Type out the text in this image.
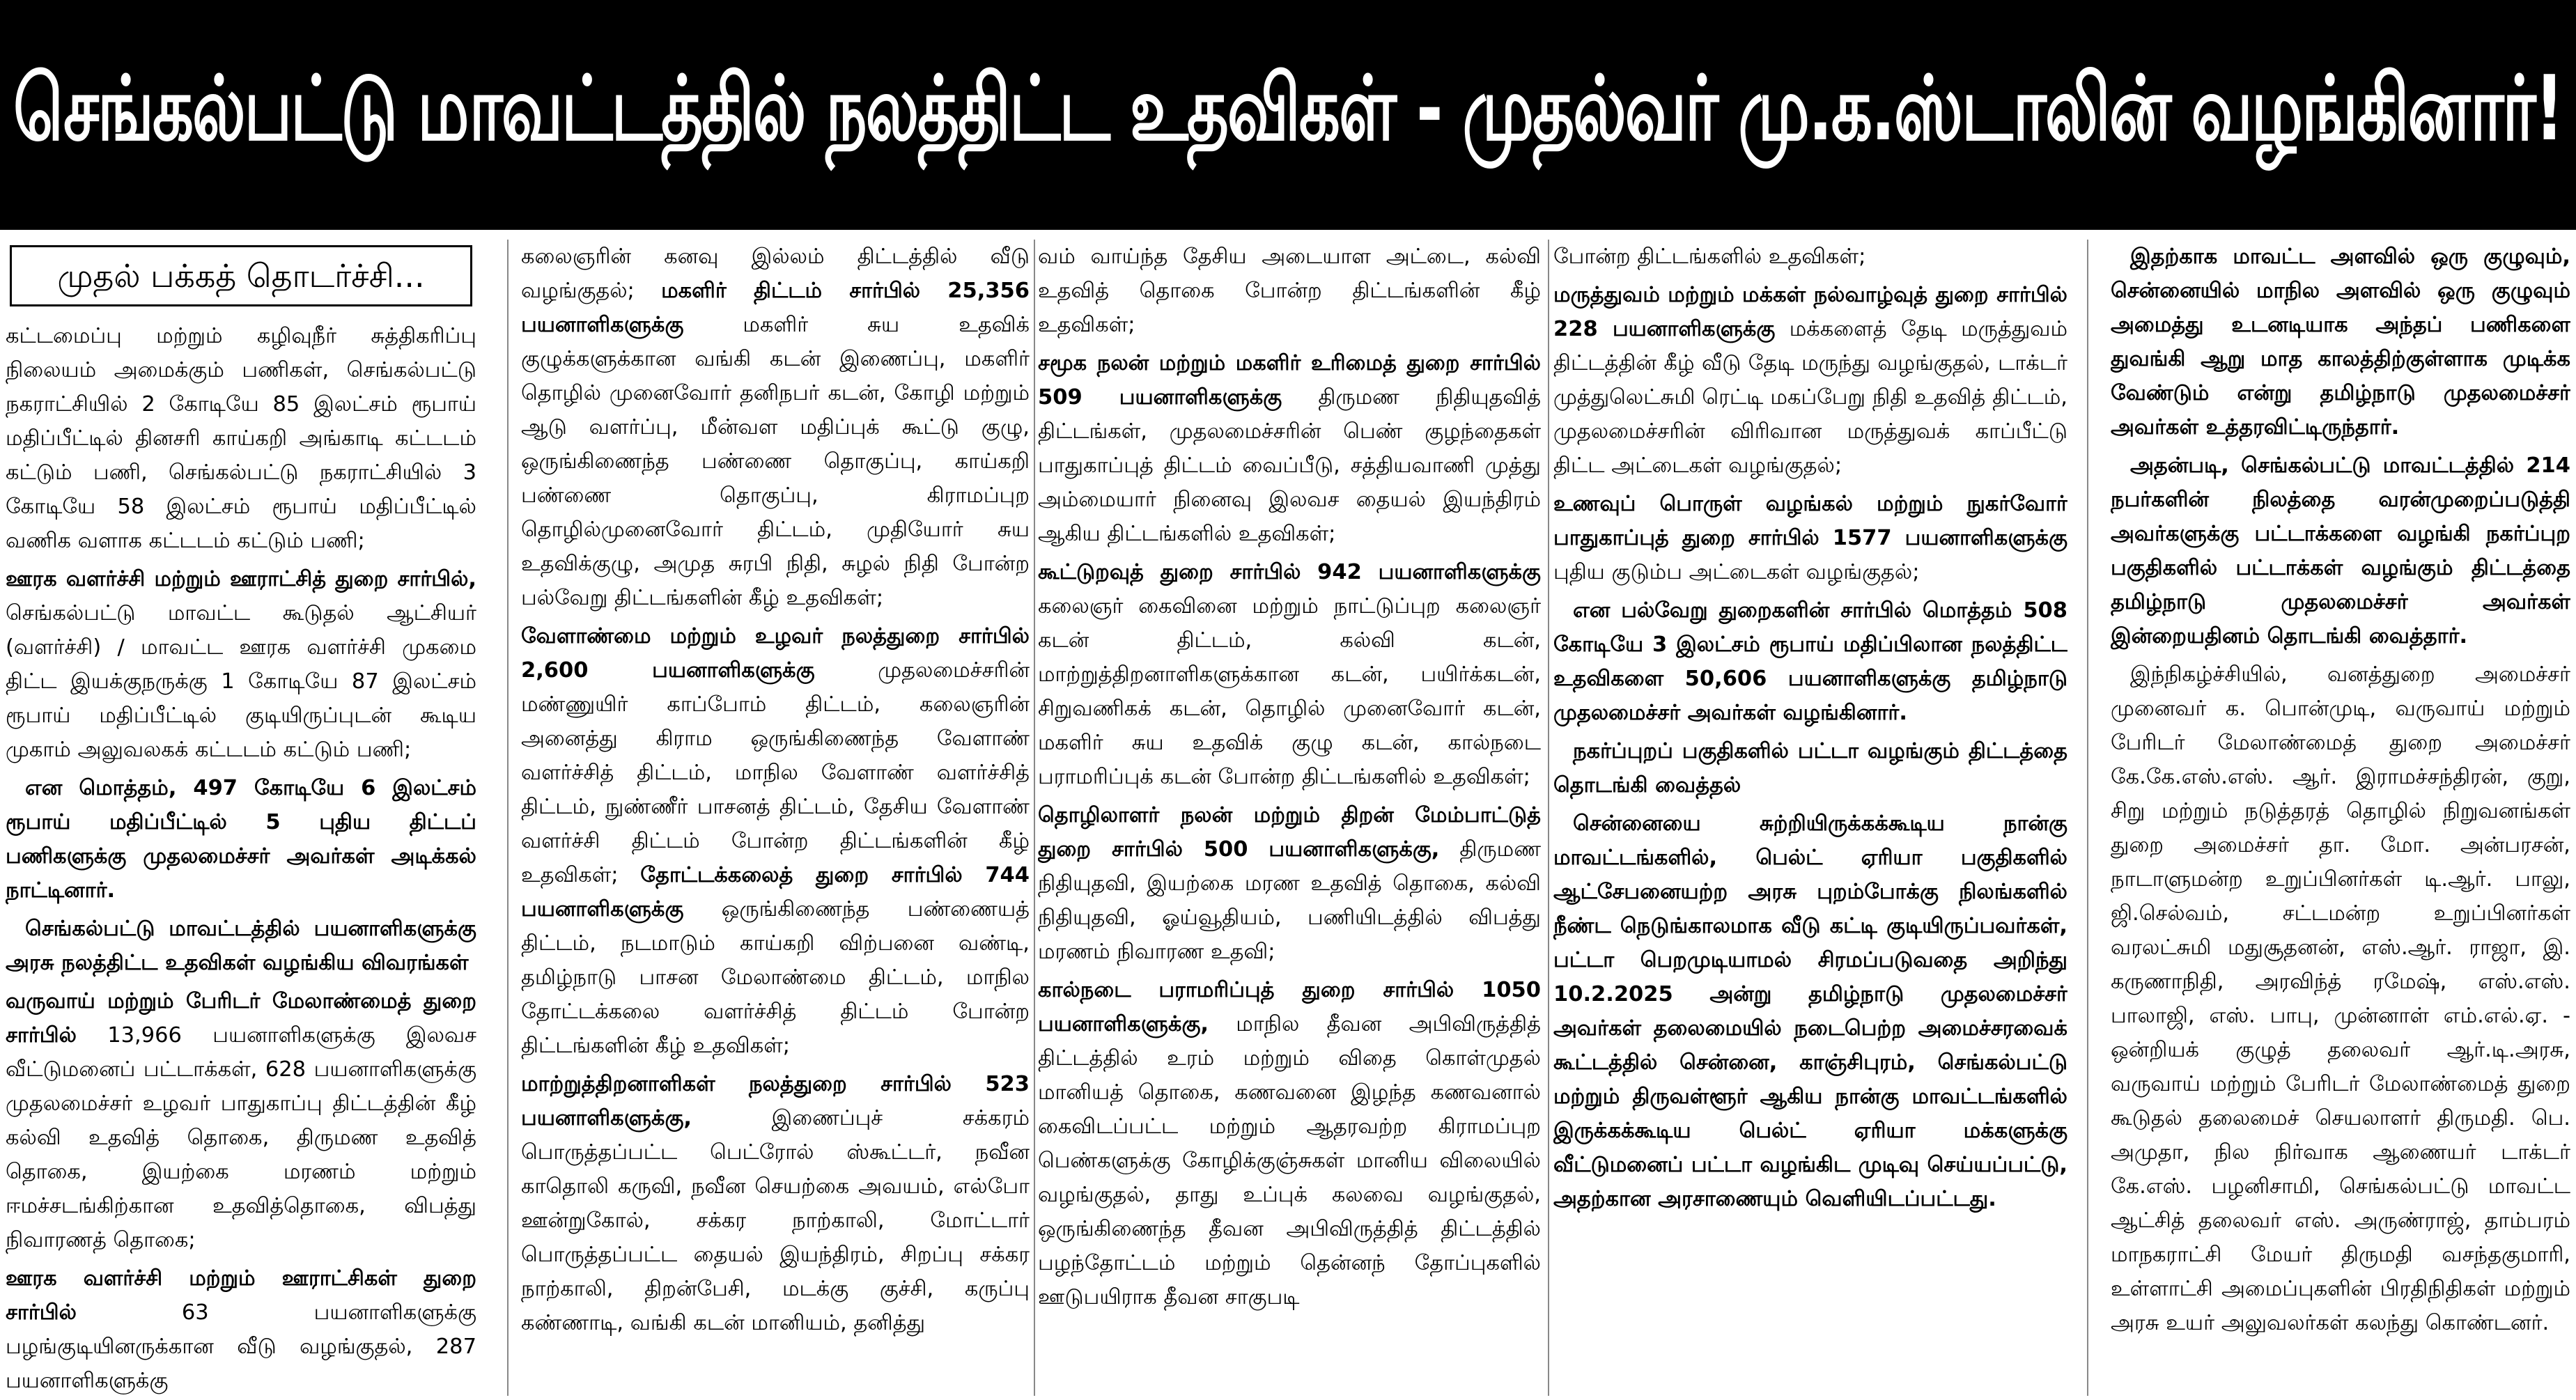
செங்கல்பட்டு மாவட்டத்தில் நலத்திட்ட உதவிகள் - முதல்வர் மு.க.ஸ்டாலின் வழங்கினார்!
முதல் பக்கத் தொடர்ச்சி...

கட்டமைப்பு மற்றும் கழிவுநீர் சுத்திகரிப்பு நிலையம் அமைக்கும் பணிகள், செங்கல்பட்டு நகராட்சியில் 2 கோடியே 85 இலட்சம் ரூபாய் மதிப்பீட்டில் தினசரி காய்கறி அங்காடி கட்டடம் கட்டும் பணி, செங்கல்பட்டு நகராட்சியில் 3 கோடியே 58 இலட்சம் ரூபாய் மதிப்பீட்டில் வணிக வளாக கட்டடம் கட்டும் பணி;

ஊரக வளர்ச்சி மற்றும் ஊராட்சித் துறை சார்பில், செங்கல்பட்டு மாவட்ட கூடுதல் ஆட்சியர் (வளர்ச்சி) / மாவட்ட ஊரக வளர்ச்சி முகமை திட்ட இயக்குநருக்கு 1 கோடியே 87 இலட்சம் ரூபாய் மதிப்பீட்டில் குடியிருப்புடன் கூடிய முகாம் அலுவலகக் கட்டடம் கட்டும் பணி;

என மொத்தம், 497 கோடியே 6 இலட்சம் ரூபாய் மதிப்பீட்டில் 5 புதிய திட்டப் பணிகளுக்கு முதலமைச்சர் அவர்கள் அடிக்கல் நாட்டினார்.

செங்கல்பட்டு மாவட்டத்தில் பயனாளிகளுக்கு அரசு நலத்திட்ட உதவிகள் வழங்கிய விவரங்கள்

வருவாய் மற்றும் பேரிடர் மேலாண்மைத் துறை சார்பில் 13,966 பயனாளிகளுக்கு இலவச வீட்டுமனைப் பட்டாக்கள், 628 பயனாளிகளுக்கு முதலமைச்சர் உழவர் பாதுகாப்பு திட்டத்தின் கீழ் கல்வி உதவித் தொகை, திருமண உதவித் தொகை, இயற்கை மரணம் மற்றும் ஈமச்சடங்கிற்கான உதவித்தொகை, விபத்து நிவாரணத் தொகை;

ஊரக வளர்ச்சி மற்றும் ஊராட்சிகள் துறை சார்பில்	63 பயனாளிகளுக்கு பழங்குடியினருக்கான வீடு வழங்குதல், 287 பயனாளிகளுக்கு

கலைஞரின் கனவு இல்லம் திட்டத்தில் வீடு வழங்குதல்; மகளிர் திட்டம் சார்பில் 25,356 பயனாளிகளுக்கு	மகளிர் சுய உதவிக் குழுக்களுக்கான வங்கி கடன் இணைப்பு, மகளிர் தொழில் முனைவோர் தனிநபர் கடன், கோழி மற்றும் ஆடு வளர்ப்பு, மீன்வள மதிப்புக் கூட்டு குழு, ஒருங்கிணைந்த பண்ணை தொகுப்பு, காய்கறி பண்ணை தொகுப்பு, கிராமப்புற தொழில்முனைவோர் திட்டம், முதியோர் சுய உதவிக்குழு, அமுத சுரபி நிதி, சுழல் நிதி போன்ற பல்வேறு திட்டங்களின் கீழ் உதவிகள்;

வேளாண்மை மற்றும் உழவர் நலத்துறை சார்பில் 2,600 பயனாளிகளுக்கு	முதலமைச்சரின் மண்ணுயிர் காப்போம் திட்டம், கலைஞரின் அனைத்து கிராம ஒருங்கிணைந்த வேளாண் வளர்ச்சித் திட்டம், மாநில வேளாண் வளர்ச்சித் திட்டம், நுண்ணீர் பாசனத் திட்டம், தேசிய வேளாண் வளர்ச்சி திட்டம் போன்ற திட்டங்களின் கீழ் உதவிகள்; தோட்டக்கலைத் துறை சார்பில் 744 பயனாளிகளுக்கு ஒருங்கிணைந்த பண்ணையத் திட்டம், நடமாடும் காய்கறி விற்பனை வண்டி, தமிழ்நாடு பாசன மேலாண்மை திட்டம், மாநில தோட்டக்கலை வளர்ச்சித் திட்டம் போன்ற திட்டங்களின் கீழ் உதவிகள்;

மாற்றுத்திறனாளிகள் நலத்துறை சார்பில் 523 பயனாளிகளுக்கு,	இணைப்புச் சக்கரம் பொருத்தப்பட்ட பெட்ரோல் ஸ்கூட்டர், நவீன காதொலி கருவி, நவீன செயற்கை அவயம், எல்போ ஊன்றுகோல், சக்கர நாற்காலி, மோட்டார் பொருத்தப்பட்ட தையல் இயந்திரம், சிறப்பு சக்கர நாற்காலி, திறன்பேசி, மடக்கு குச்சி, கருப்பு கண்ணாடி, வங்கி கடன் மானியம், தனித்து

வம் வாய்ந்த தேசிய அடையாள அட்டை, கல்வி உதவித் தொகை போன்ற திட்டங்களின் கீழ் உதவிகள்;

சமூக நலன் மற்றும் மகளிர் உரிமைத் துறை சார்பில் 509 பயனாளிகளுக்கு திருமண நிதியுதவித் திட்டங்கள், முதலமைச்சரின் பெண் குழந்தைகள் பாதுகாப்புத் திட்டம் வைப்பீடு, சத்தியவாணி முத்து அம்மையார் நினைவு இலவச தையல் இயந்திரம் ஆகிய திட்டங்களில் உதவிகள்;

கூட்டுறவுத் துறை சார்பில் 942 பயனாளிகளுக்கு கலைஞர் கைவினை மற்றும் நாட்டுப்புற கலைஞர் கடன் திட்டம், கல்வி கடன், மாற்றுத்திறனாளிகளுக்கான கடன், பயிர்க்கடன், சிறுவணிகக் கடன், தொழில் முனைவோர் கடன், மகளிர் சுய உதவிக் குழு கடன், கால்நடை பராமரிப்புக் கடன் போன்ற திட்டங்களில் உதவிகள்;

தொழிலாளர் நலன் மற்றும் திறன் மேம்பாட்டுத் துறை சார்பில் 500 பயனாளிகளுக்கு, திருமண நிதியுதவி, இயற்கை மரண உதவித் தொகை, கல்வி நிதியுதவி, ஓய்வூதியம், பணியிடத்தில் விபத்து மரணம் நிவாரண உதவி;

கால்நடை பராமரிப்புத் துறை சார்பில் 1050 பயனாளிகளுக்கு, மாநில தீவன அபிவிருத்தித் திட்டத்தில் உரம் மற்றும் விதை கொள்முதல் மானியத் தொகை, கணவனை இழந்த கணவனால் கைவிடப்பட்ட மற்றும் ஆதரவற்ற கிராமப்புற பெண்களுக்கு கோழிக்குஞ்சுகள் மானிய விலையில் வழங்குதல், தாது உப்புக் கலவை வழங்குதல், ஒருங்கிணைந்த தீவன அபிவிருத்தித் திட்டத்தில் பழந்தோட்டம் மற்றும் தென்னந் தோப்புகளில் ஊடுபயிராக தீவன சாகுபடி

போன்ற திட்டங்களில் உதவிகள்;

மருத்துவம் மற்றும் மக்கள் நல்வாழ்வுத் துறை சார்பில் 228 பயனாளிகளுக்கு மக்களைத் தேடி மருத்துவம் திட்டத்தின் கீழ் வீடு தேடி மருந்து வழங்குதல், டாக்டர் முத்துலெட்சுமி ரெட்டி மகப்பேறு நிதி உதவித் திட்டம், முதலமைச்சரின் விரிவான மருத்துவக் காப்பீட்டு திட்ட அட்டைகள் வழங்குதல்;

உணவுப் பொருள் வழங்கல் மற்றும் நுகர்வோர் பாதுகாப்புத் துறை சார்பில் 1577 பயனாளிகளுக்கு புதிய குடும்ப அட்டைகள் வழங்குதல்;

என பல்வேறு துறைகளின் சார்பில் மொத்தம் 508 கோடியே 3 இலட்சம் ரூபாய் மதிப்பிலான நலத்திட்ட உதவிகளை 50,606 பயனாளிகளுக்கு தமிழ்நாடு முதலமைச்சர் அவர்கள் வழங்கினார்.

நகர்ப்புறப் பகுதிகளில் பட்டா வழங்கும் திட்டத்தை தொடங்கி வைத்தல்

சென்னையை சுற்றியிருக்கக்கூடிய நான்கு மாவட்டங்களில், பெல்ட் ஏரியா பகுதிகளில் ஆட்சேபனையற்ற அரசு புறம்போக்கு நிலங்களில் நீண்ட நெடுங்காலமாக வீடு கட்டி குடியிருப்பவர்கள், பட்டா பெறமுடியாமல் சிரமப்படுவதை அறிந்து 10.2.2025 அன்று தமிழ்நாடு முதலமைச்சர் அவர்கள் தலைமையில் நடைபெற்ற அமைச்சரவைக் கூட்டத்தில் சென்னை, காஞ்சிபுரம், செங்கல்பட்டு மற்றும் திருவள்ளூர் ஆகிய நான்கு மாவட்டங்களில் இருக்கக்கூடிய பெல்ட் ஏரியா மக்களுக்கு வீட்டுமனைப் பட்டா வழங்கிட முடிவு செய்யப்பட்டு, அதற்கான அரசாணையும் வெளியிடப்பட்டது.

இதற்காக மாவட்ட அளவில் ஒரு குழுவும், சென்னையில் மாநில அளவில் ஒரு குழுவும் அமைத்து உடனடியாக அந்தப் பணிகளை துவங்கி ஆறு மாத காலத்திற்குள்ளாக முடிக்க வேண்டும் என்று தமிழ்நாடு முதலமைச்சர் அவர்கள் உத்தரவிட்டிருந்தார்.

அதன்படி, செங்கல்பட்டு மாவட்டத்தில் 214 நபர்களின் நிலத்தை வரன்முறைப்படுத்தி அவர்களுக்கு பட்டாக்களை வழங்கி நகர்ப்புற பகுதிகளில் பட்டாக்கள் வழங்கும் திட்டத்தை தமிழ்நாடு முதலமைச்சர் அவர்கள் இன்றையதினம் தொடங்கி வைத்தார்.

இந்நிகழ்ச்சியில், வனத்துறை அமைச்சர் முனைவர் க. பொன்முடி, வருவாய் மற்றும் பேரிடர் மேலாண்மைத் துறை அமைச்சர் கே.கே.எஸ்.எஸ். ஆர். இராமச்சந்திரன், குறு, சிறு மற்றும் நடுத்தரத் தொழில் நிறுவனங்கள் துறை அமைச்சர் தா. மோ. அன்பரசன், நாடாளுமன்ற உறுப்பினர்கள் டி.ஆர். பாலு, ஜி.செல்வம், சட்டமன்ற உறுப்பினர்கள் வரலட்சுமி மதுசூதனன், எஸ்.ஆர். ராஜா, இ. கருணாநிதி, அரவிந்த் ரமேஷ், எஸ்.எஸ். பாலாஜி, எஸ். பாபு, முன்னாள் எம்.எல்.ஏ. - ஒன்றியக் குழுத் தலைவர் ஆர்.டி.அரசு, வருவாய் மற்றும் பேரிடர் மேலாண்மைத் துறை கூடுதல் தலைமைச் செயலாளர் திருமதி. பெ. அமுதா, நில நிர்வாக ஆணையர் டாக்டர் கே.எஸ். பழனிசாமி, செங்கல்பட்டு மாவட்ட ஆட்சித் தலைவர் எஸ். அருண்ராஜ், தாம்பரம் மாநகராட்சி மேயர் திருமதி வசந்தகுமாரி, உள்ளாட்சி அமைப்புகளின் பிரதிநிதிகள் மற்றும் அரசு உயர் அலுவலர்கள் கலந்து கொண்டனர்.
